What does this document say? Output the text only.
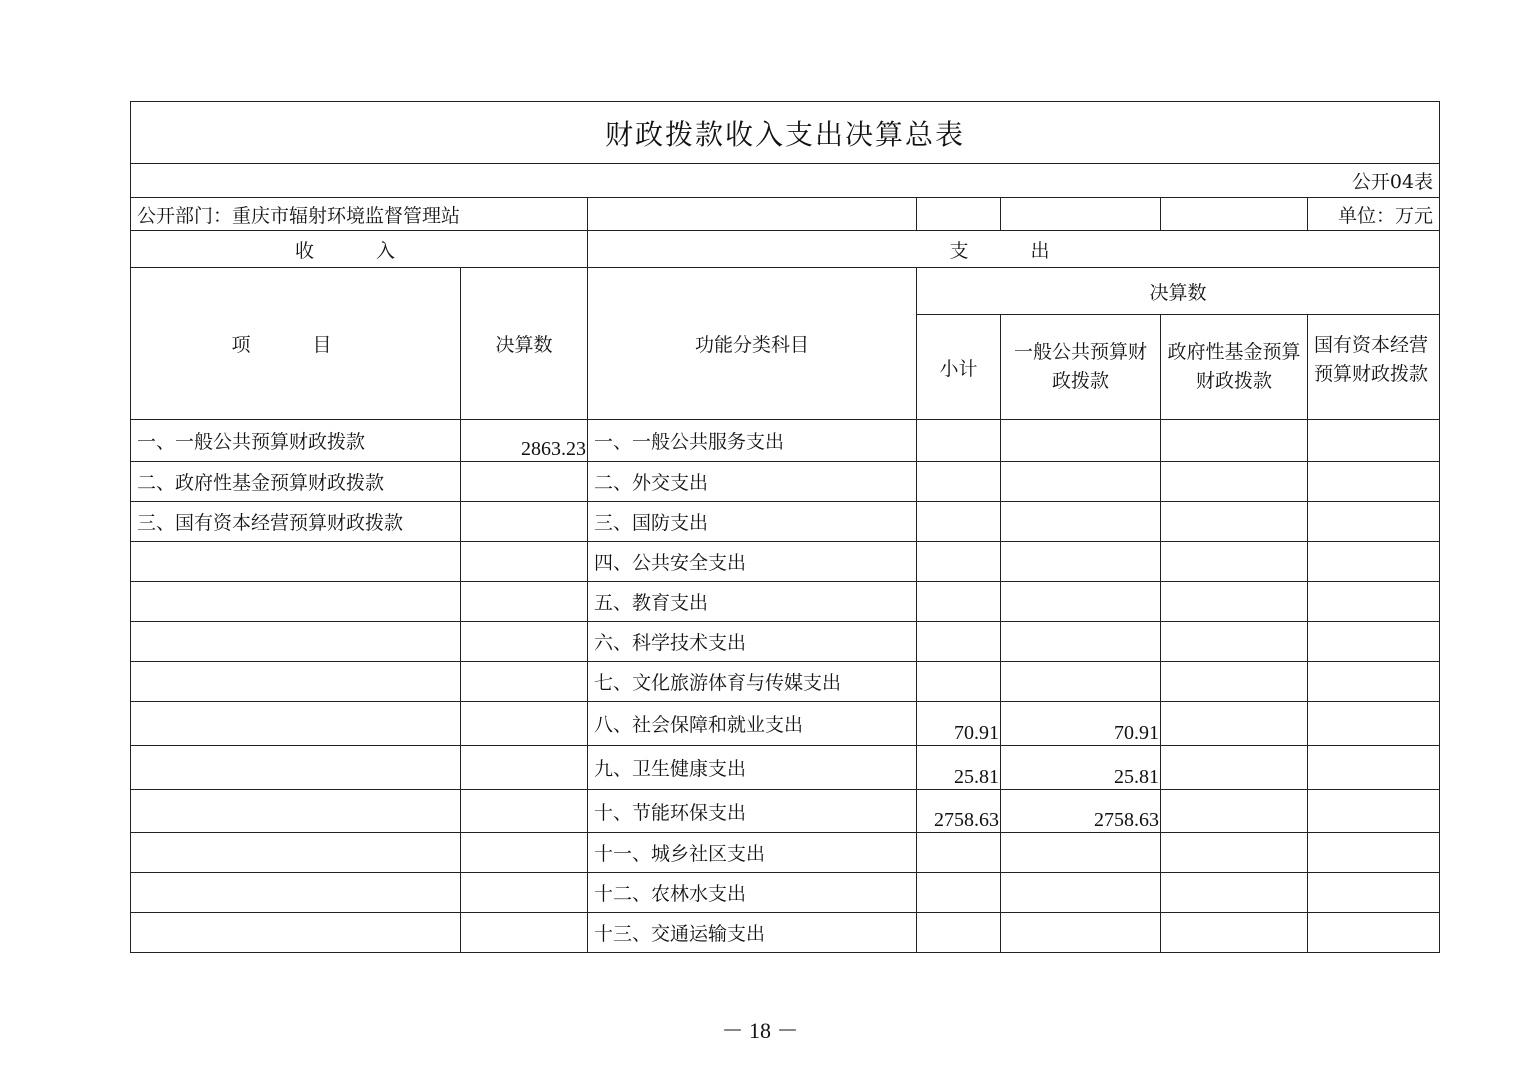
财政拨款收入支出决算总表						
公开04表						
公开部门：重庆市辐射环境监督管理站						单位：万元
收 入		支 出				
项 目	决算数	功能分类科目	决算数			
			小计	一般公共预算财政拨款	政府性基金预算财政拨款	国有资本经营 预算财政拨款
一、一般公共预算财政拨款	2863.23	一、一般公共服务支出				
二、政府性基金预算财政拨款		二、外交支出				
三、国有资本经营预算财政拨款		三、国防支出				
		四、公共安全支出				
		五、教育支出				
		六、科学技术支出				
		七、文化旅游体育与传媒支出				
		八、社会保障和就业支出	70.91	70.91		
		九、卫生健康支出	25.81	25.81		
		十、节能环保支出	2758.63	2758.63		
		十一、城乡社区支出				
		十二、农林水支出				
		十三、交通运输支出				
－ 18 －
